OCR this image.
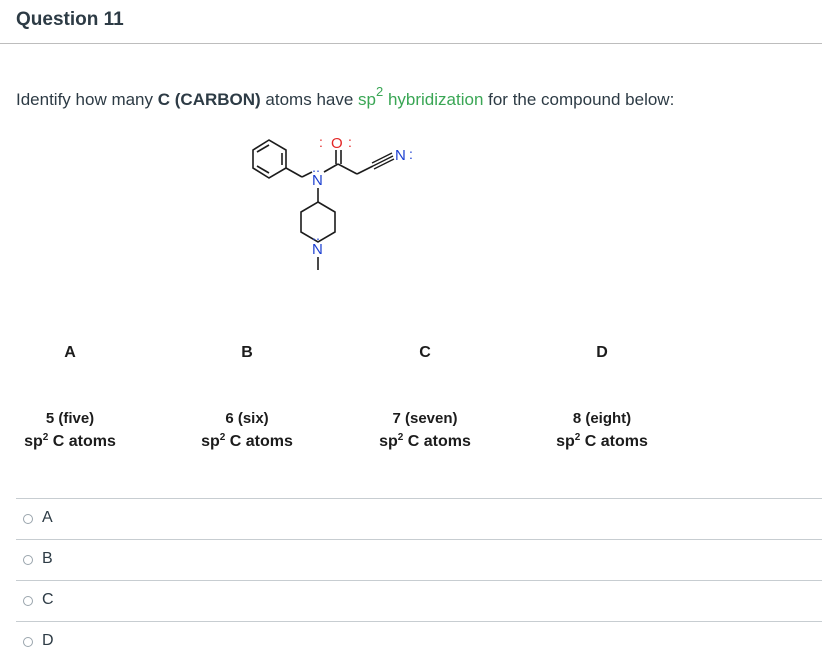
Question 11
Identify how many C (CARBON) atoms have $sp^2$ hybridization for the compound below:
N
‥
: O :
N :
‥
N
A
5 (five)
$sp^2$ C atoms
B
6 (six)
$sp^2$ C atoms
C
7 (seven)
$sp^2$ C atoms
D
8 (eight)
$sp^2$ C atoms
A
B
C
D
